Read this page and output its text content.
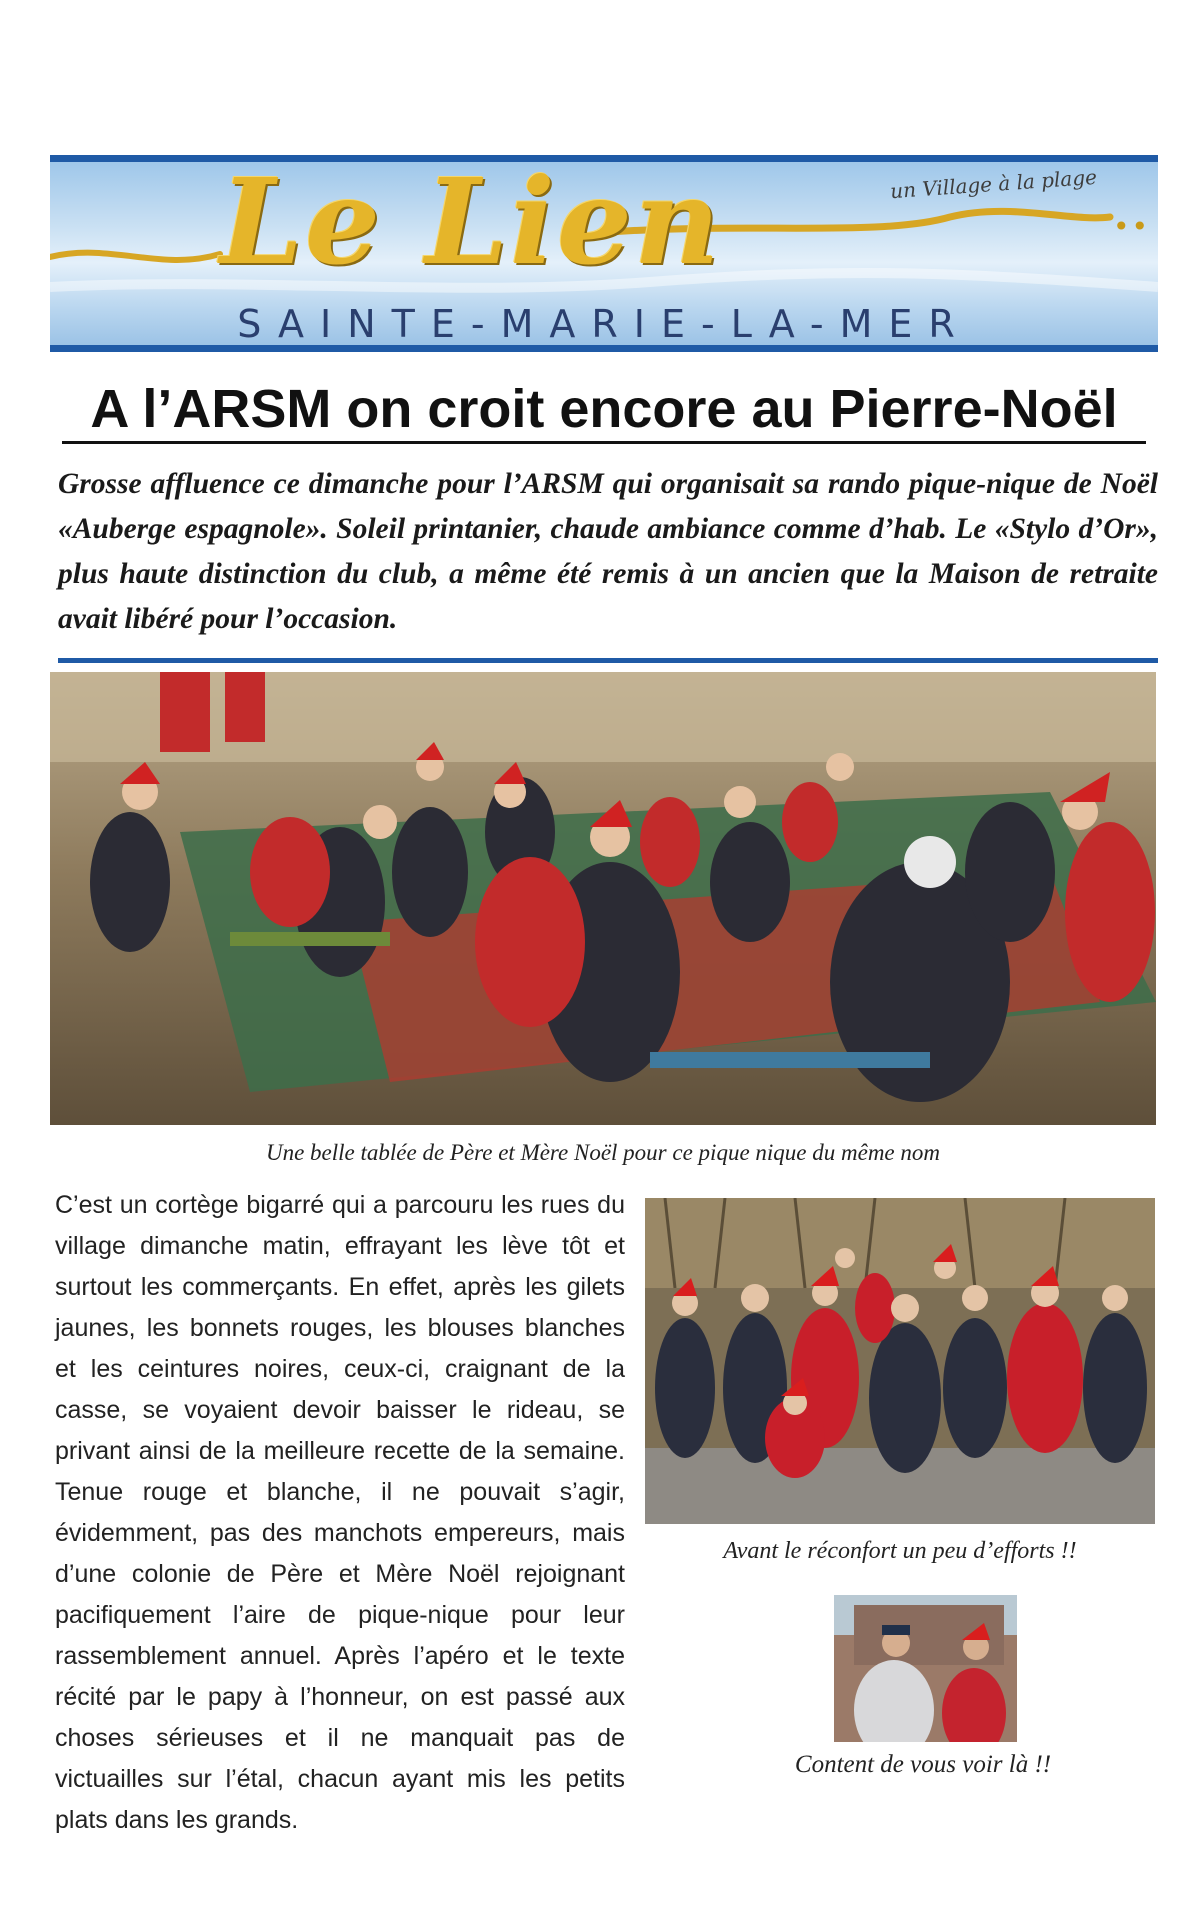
Le Lien	un Village à la plage
••
SAINTE-MARIE-LA-MER
A l’ARSM on croit encore au Pierre-Noël
Grosse affluence ce dimanche pour l’ARSM qui organisait sa rando pique-nique de Noël «Auberge espagnole». Soleil printanier, chaude ambiance comme d’hab. Le «Stylo d’Or», plus haute distinction du club, a même été remis à un ancien que la Maison de retraite avait libéré pour l’occasion.
Une belle tablée de Père et Mère Noël pour ce pique nique du même nom
C’est un cortège bigarré qui a parcouru les rues du village dimanche matin, effrayant les lève tôt et surtout les commerçants. En effet, après les gilets jaunes, les bonnets rouges, les blouses blanches et les ceintures noires, ceux-ci, craignant de la casse, se voyaient devoir baisser le rideau, se privant ainsi de la meilleure recette de la semaine. Tenue rouge et blanche, il ne pouvait s’agir, évidemment, pas des manchots empereurs, mais d’une colonie de Père et Mère Noël rejoignant pacifiquement l’aire de pique-nique pour leur rassemblement annuel. Après l’apéro et le texte récité par le papy à l’honneur, on est passé aux choses sérieuses et il ne manquait pas de victuailles sur l’étal, chacun ayant mis les petits plats dans les grands.
Avant le réconfort un peu d’efforts !!
Content de vous voir là !!
